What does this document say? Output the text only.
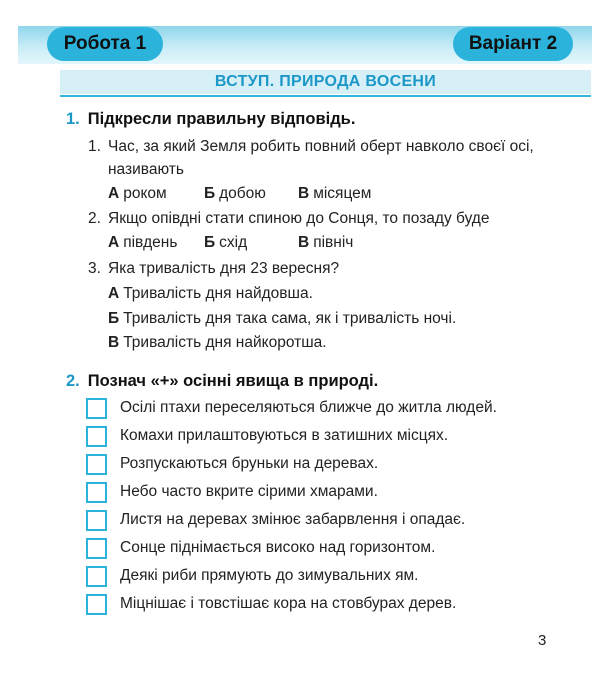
Робота 1	Варіант 2
ВСТУП. ПРИРОДА ВОСЕНИ
1. Підкресли правильну відповідь.
1. Час, за який Земля робить повний оберт навколо своєї осі,
називають
А роком Б добою В місяцем
2. Якщо опівдні стати спиною до Сонця, то позаду буде
А південь Б схід	В північ
3. Яка тривалість дня 23 вересня?
А Тривалість дня найдовша.
Б Тривалість дня така сама, як і тривалість ночі.
В Тривалість дня найкоротша.
2. Познач «+» осінні явища в природі.
Осілі птахи переселяються ближче до житла людей.
Комахи прилаштовуються в затишних місцях.
Розпускаються бруньки на деревах.
Небо часто вкрите сірими хмарами.
Листя на деревах змінює забарвлення і опадає.
Сонце піднімається високо над горизонтом.
Деякі риби прямують до зимувальних ям.
Міцнішає і товстішає кора на стовбурах дерев.
3
